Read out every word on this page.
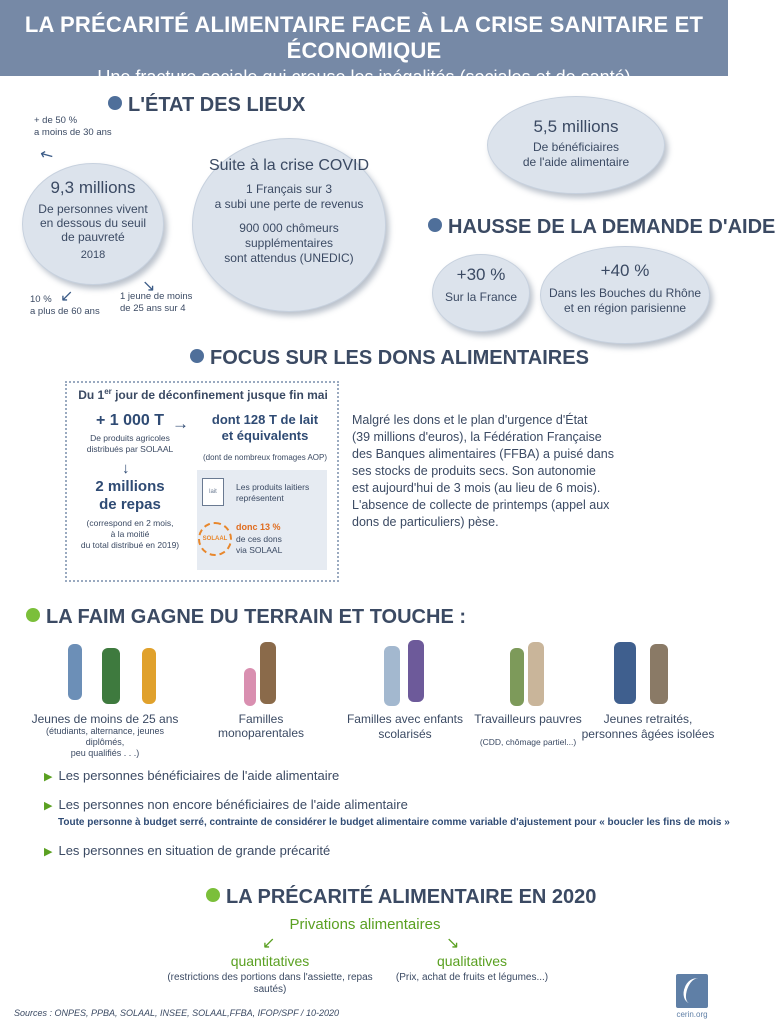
LA PRÉCARITÉ ALIMENTAIRE FACE À LA CRISE SANITAIRE ET ÉCONOMIQUE
Une fracture sociale qui creuse les inégalités (sociales et de santé)
L'ÉTAT DES LIEUX
+ de 50 %
a moins de 30 ans
↖
9,3 millions
De personnes vivent
en dessous du seuil
de pauvreté
2018
↙
10 %
a plus de 60 ans
↘
1 jeune de moins
de 25 ans sur 4
Suite à la crise COVID
1 Français sur 3
a subi une perte de revenus
900 000 chômeurs
supplémentaires
sont attendus (UNEDIC)
5,5 millions
De bénéficiaires
de l'aide alimentaire
HAUSSE DE LA DEMANDE D'AIDE
+30 %
Sur la France
+40 %
Dans les Bouches du Rhône
et en région parisienne
FOCUS SUR LES DONS ALIMENTAIRES
Du 1er jour de déconfinement jusque fin mai
+ 1 000 T
De produits agricoles
distribués par SOLAAL
→	dont 128 T de lait
et équivalents
(dont de nombreux fromages AOP)
↓
2 millions
de repas
(correspond en 2 mois,
à la moitié
du total distribué en 2019)
lait	Les produits laitiers
représentent
SOLAAL
donc 13 %
de ces dons
via SOLAAL
Malgré les dons et le plan d'urgence d'État
(39 millions d'euros), la Fédération Française
des Banques alimentaires (FFBA) a puisé dans
ses stocks de produits secs. Son autonomie
est aujourd'hui de 3 mois (au lieu de 6 mois).
L'absence de collecte de printemps (appel aux
dons de particuliers) pèse.
LA FAIM GAGNE DU TERRAIN ET TOUCHE :
Jeunes de moins de 25 ans
(étudiants, alternance, jeunes diplômés,
peu qualifiés . . .)
Familles monoparentales
Familles avec enfants
scolarisés
Travailleurs pauvres
(CDD, chômage partiel...)
Jeunes retraités,
personnes âgées isolées
▶ Les personnes bénéficiaires de l'aide alimentaire
▶ Les personnes non encore bénéficiaires de l'aide alimentaire
Toute personne à budget serré, contrainte de considérer le budget alimentaire comme variable d'ajustement pour « boucler les fins de mois »
▶ Les personnes en situation de grande précarité
LA PRÉCARITÉ ALIMENTAIRE EN 2020
Privations alimentaires
↙	↘
quantitatives
(restrictions des portions dans l'assiette, repas sautés)
qualitatives
(Prix, achat de fruits et légumes...)
Sources : ONPES, PPBA, SOLAAL, INSEE, SOLAAL,FFBA, IFOP/SPF / 10-2020	cerin.org
